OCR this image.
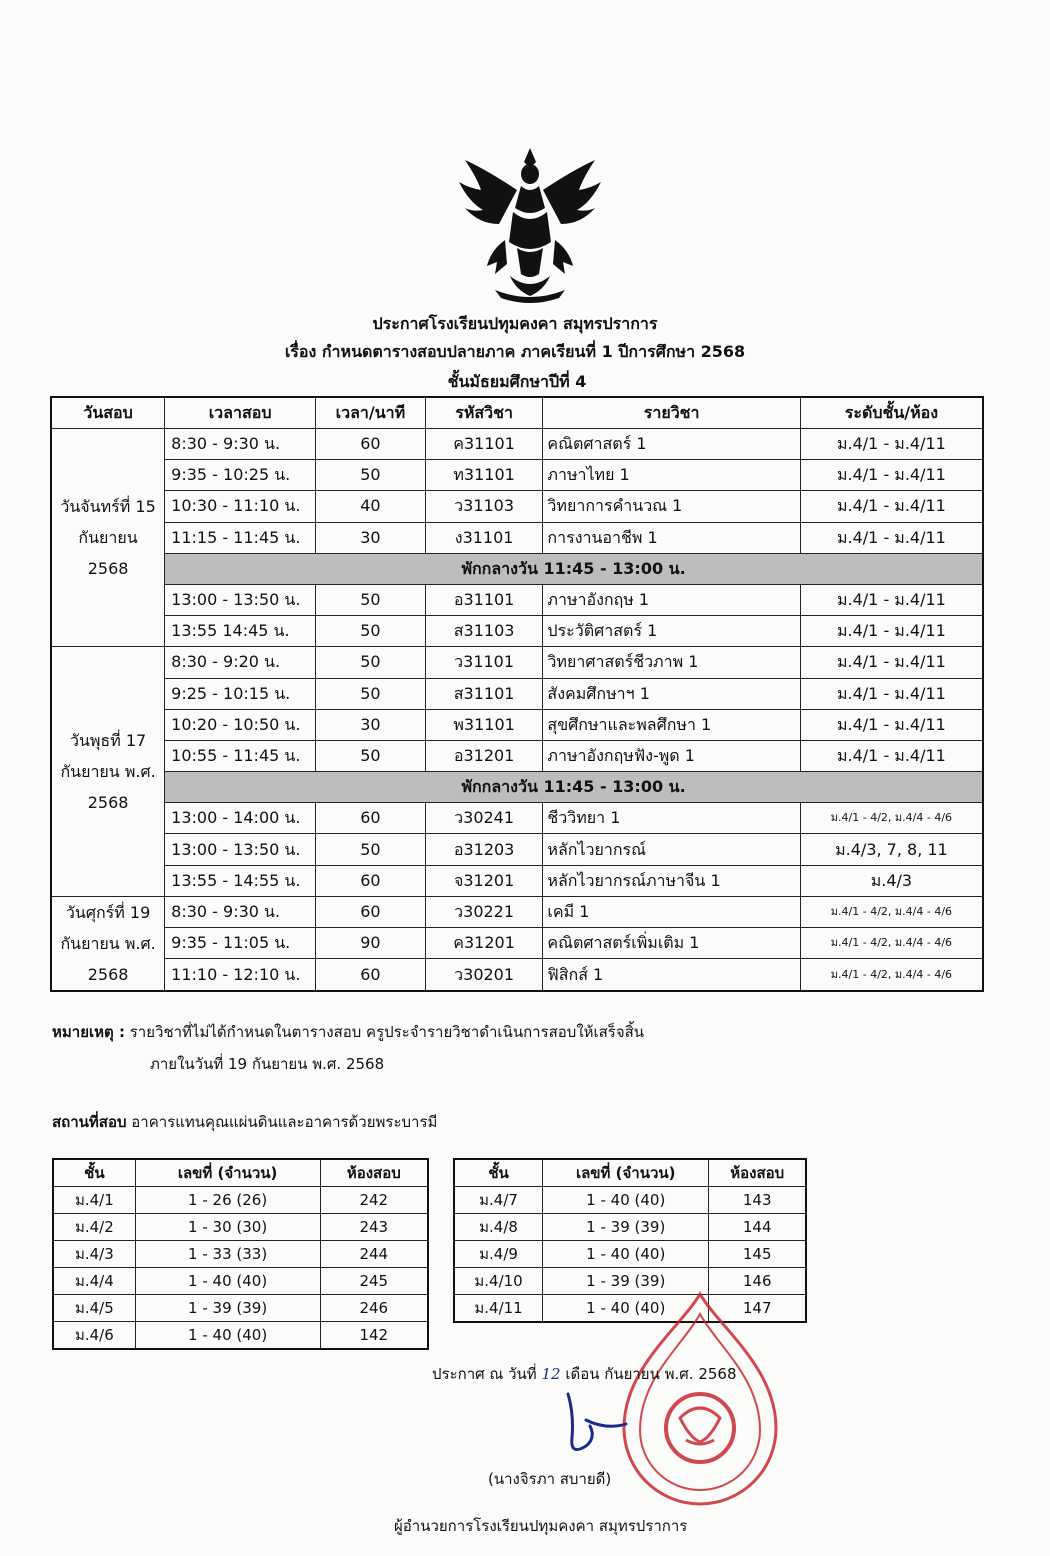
ประกาศโรงเรียนปทุมคงคา สมุทรปราการ
เรื่อง กำหนดตารางสอบปลายภาค ภาคเรียนที่ 1 ปีการศึกษา 2568
ชั้นมัธยมศึกษาปีที่ 4
วันสอบ	เวลาสอบ	เวลา/นาที	รหัสวิชา	รายวิชา	ระดับชั้น/ห้อง
วันจันทร์ที่ 15 กันยายน 2568	8:30 - 9:30 น.	60	ค31101	คณิตศาสตร์ 1	ม.4/1 - ม.4/11
	9:35 - 10:25 น.	50	ท31101	ภาษาไทย 1	ม.4/1 - ม.4/11
	10:30 - 11:10 น.	40	ว31103	วิทยาการคำนวณ 1	ม.4/1 - ม.4/11
	11:15 - 11:45 น.	30	ง31101	การงานอาชีพ 1	ม.4/1 - ม.4/11
	พักกลางวัน 11:45 - 13:00 น.				
	13:00 - 13:50 น.	50	อ31101	ภาษาอังกฤษ 1	ม.4/1 - ม.4/11
	13:55 14:45 น.	50	ส31103	ประวัติศาสตร์ 1	ม.4/1 - ม.4/11
วันพุธที่ 17 กันยายน พ.ศ. 2568	8:30 - 9:20 น.	50	ว31101	วิทยาศาสตร์ชีวภาพ 1	ม.4/1 - ม.4/11
	9:25 - 10:15 น.	50	ส31101	สังคมศึกษาฯ 1	ม.4/1 - ม.4/11
	10:20 - 10:50 น.	30	พ31101	สุขศึกษาและพลศึกษา 1	ม.4/1 - ม.4/11
	10:55 - 11:45 น.	50	อ31201	ภาษาอังกฤษฟัง-พูด 1	ม.4/1 - ม.4/11
	พักกลางวัน 11:45 - 13:00 น.				
	13:00 - 14:00 น.	60	ว30241	ชีววิทยา 1	ม.4/1 - 4/2, ม.4/4 - 4/6
	13:00 - 13:50 น.	50	อ31203	หลักไวยากรณ์	ม.4/3, 7, 8, 11
	13:55 - 14:55 น.	60	จ31201	หลักไวยากรณ์ภาษาจีน 1	ม.4/3
วันศุกร์ที่ 19 กันยายน พ.ศ. 2568	8:30 - 9:30 น.	60	ว30221	เคมี 1	ม.4/1 - 4/2, ม.4/4 - 4/6
	9:35 - 11:05 น.	90	ค31201	คณิตศาสตร์เพิ่มเติม 1	ม.4/1 - 4/2, ม.4/4 - 4/6
	11:10 - 12:10 น.	60	ว30201	ฟิสิกส์ 1	ม.4/1 - 4/2, ม.4/4 - 4/6
หมายเหตุ : รายวิชาที่ไม่ได้กำหนดในตารางสอบ ครูประจำรายวิชาดำเนินการสอบให้เสร็จสิ้น
ภายในวันที่ 19 กันยายน พ.ศ. 2568
สถานที่สอบ อาคารแทนคุณแผ่นดินและอาคารด้วยพระบารมี
ชั้น	เลขที่ (จำนวน)	ห้องสอบ
ม.4/1	1 - 26 (26)	242
ม.4/2	1 - 30 (30)	243
ม.4/3	1 - 33 (33)	244
ม.4/4	1 - 40 (40)	245
ม.4/5	1 - 39 (39)	246
ม.4/6	1 - 40 (40)	142
ชั้น	เลขที่ (จำนวน)	ห้องสอบ
ม.4/7	1 - 40 (40)	143
ม.4/8	1 - 39 (39)	144
ม.4/9	1 - 40 (40)	145
ม.4/10	1 - 39 (39)	146
ม.4/11	1 - 40 (40)	147
ประกาศ ณ วันที่ 12 เดือน กันยายน พ.ศ. 2568
(นางจิรภา สบายดี)
ผู้อำนวยการโรงเรียนปทุมคงคา สมุทรปราการ
